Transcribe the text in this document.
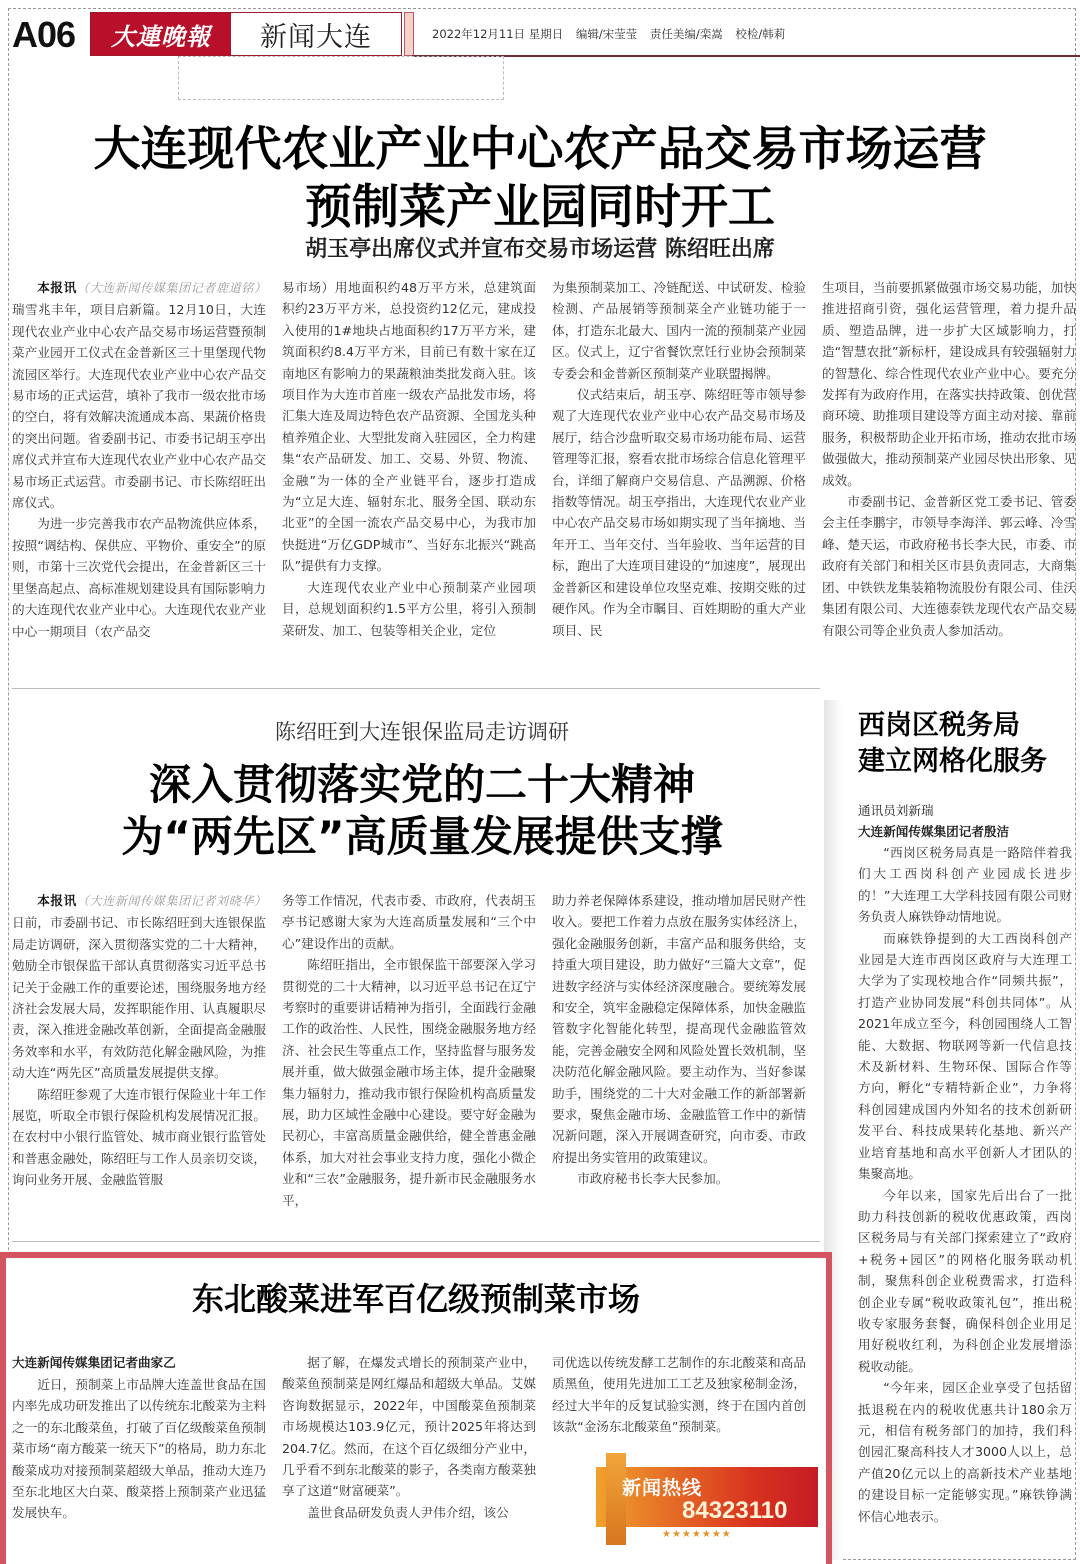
A06	大連晚報	新闻大连	2022年12月11日 星期日 编辑/宋莹莹 责任美编/栾嵩 校检/韩莉
大连现代农业产业中心农产品交易市场运营
预制菜产业园同时开工
胡玉亭出席仪式并宣布交易市场运营 陈绍旺出席

本报讯（大连新闻传媒集团记者鹿道铭）瑞雪兆丰年，项目启新篇。12月10日，大连现代农业产业中心农产品交易市场运营暨预制菜产业园开工仪式在金普新区三十里堡现代物流园区举行。大连现代农业产业中心农产品交易市场的正式运营，填补了我市一级农批市场的空白，将有效解决流通成本高、果蔬价格贵的突出问题。省委副书记、市委书记胡玉亭出席仪式并宣布大连现代农业产业中心农产品交易市场正式运营。市委副书记、市长陈绍旺出席仪式。

为进一步完善我市农产品物流供应体系，按照“调结构、保供应、平物价、重安全”的原则，市第十三次党代会提出，在金普新区三十里堡高起点、高标准规划建设具有国际影响力的大连现代农业产业中心。大连现代农业产业中心一期项目（农产品交

易市场）用地面积约48万平方米，总建筑面积约23万平方米，总投资约12亿元，建成投入使用的1#地块占地面积约17万平方米，建筑面积约8.4万平方米，目前已有数十家在辽南地区有影响力的果蔬粮油类批发商入驻。该项目作为大连市首座一级农产品批发市场，将汇集大连及周边特色农产品资源、全国龙头种植养殖企业、大型批发商入驻园区，全力构建集“农产品研发、加工、交易、外贸、物流、金融”为一体的全产业链平台，逐步打造成为“立足大连、辐射东北、服务全国、联动东北亚”的全国一流农产品交易中心，为我市加快挺进“万亿GDP城市”、当好东北振兴“跳高队”提供有力支撑。

大连现代农业产业中心预制菜产业园项目，总规划面积约1.5平方公里，将引入预制菜研发、加工、包装等相关企业，定位

为集预制菜加工、冷链配送、中试研发、检验检测、产品展销等预制菜全产业链功能于一体，打造东北最大、国内一流的预制菜产业园区。仪式上，辽宁省餐饮烹饪行业协会预制菜专委会和金普新区预制菜产业联盟揭牌。

仪式结束后，胡玉亭、陈绍旺等市领导参观了大连现代农业产业中心农产品交易市场及展厅，结合沙盘听取交易市场功能布局、运营管理等汇报，察看农批市场综合信息化管理平台，详细了解商户交易信息、产品溯源、价格指数等情况。胡玉亭指出，大连现代农业产业中心农产品交易市场如期实现了当年摘地、当年开工、当年交付、当年验收、当年运营的目标，跑出了大连项目建设的“加速度”，展现出金普新区和建设单位攻坚克难、按期交账的过硬作风。作为全市瞩目、百姓期盼的重大产业项目、民

生项目，当前要抓紧做强市场交易功能，加快推进招商引资，强化运营管理，着力提升品质、塑造品牌，进一步扩大区域影响力，打造“智慧农批”新标杆，建设成具有较强辐射力的智慧化、综合性现代农业产业中心。要充分发挥有为政府作用，在落实扶持政策、创优营商环境、助推项目建设等方面主动对接、靠前服务，积极帮助企业开拓市场，推动农批市场做强做大，推动预制菜产业园尽快出形象、见成效。

市委副书记、金普新区党工委书记、管委会主任李鹏宇，市领导李海洋、郭云峰、冷雪峰、楚天运，市政府秘书长李大民，市委、市政府有关部门和相关区市县负责同志，大商集团、中铁铁龙集装箱物流股份有限公司、佳沃集团有限公司、大连德泰铁龙现代农产品交易有限公司等企业负责人参加活动。

陈绍旺到大连银保监局走访调研
深入贯彻落实党的二十大精神
为“两先区”高质量发展提供支撑

本报讯（大连新闻传媒集团记者刘晓华）日前，市委副书记、市长陈绍旺到大连银保监局走访调研，深入贯彻落实党的二十大精神，勉励全市银保监干部认真贯彻落实习近平总书记关于金融工作的重要论述，围绕服务地方经济社会发展大局，发挥职能作用、认真履职尽责，深入推进金融改革创新，全面提高金融服务效率和水平，有效防范化解金融风险，为推动大连“两先区”高质量发展提供支撑。

陈绍旺参观了大连市银行保险业十年工作展览，听取全市银行保险机构发展情况汇报。在农村中小银行监管处、城市商业银行监管处和普惠金融处，陈绍旺与工作人员亲切交谈，询问业务开展、金融监管服

务等工作情况，代表市委、市政府，代表胡玉亭书记感谢大家为大连高质量发展和“三个中心”建设作出的贡献。

陈绍旺指出，全市银保监干部要深入学习贯彻党的二十大精神，以习近平总书记在辽宁考察时的重要讲话精神为指引，全面践行金融工作的政治性、人民性，围绕金融服务地方经济、社会民生等重点工作，坚持监督与服务发展并重，做大做强金融市场主体，提升金融聚集力辐射力，推动我市银行保险机构高质量发展，助力区域性金融中心建设。要守好金融为民初心，丰富高质量金融供给，健全普惠金融体系，加大对社会事业支持力度，强化小微企业和“三农”金融服务，提升新市民金融服务水平，

助力养老保障体系建设，推动增加居民财产性收入。要把工作着力点放在服务实体经济上，强化金融服务创新，丰富产品和服务供给，支持重大项目建设，助力做好“三篇大文章”，促进数字经济与实体经济深度融合。要统筹发展和安全，筑牢金融稳定保障体系，加快金融监管数字化智能化转型，提高现代金融监管效能，完善金融安全网和风险处置长效机制，坚决防范化解金融风险。要主动作为、当好参谋助手，围绕党的二十大对金融工作的新部署新要求，聚焦金融市场、金融监管工作中的新情况新问题，深入开展调查研究，向市委、市政府提出务实管用的政策建议。

市政府秘书长李大民参加。

西岗区税务局
建立网格化服务
通讯员刘新瑞
大连新闻传媒集团记者殷洁

“西岗区税务局真是一路陪伴着我们大工西岗科创产业园成长进步的！”大连理工大学科技园有限公司财务负责人麻铁铮动情地说。

而麻铁铮提到的大工西岗科创产业园是大连市西岗区政府与大连理工大学为了实现校地合作“同频共振”，打造产业协同发展“科创共同体”。从2021年成立至今，科创园围绕人工智能、大数据、物联网等新一代信息技术及新材料、生物环保、国际合作等方向，孵化“专精特新企业”，力争将科创园建成国内外知名的技术创新研发平台、科技成果转化基地、新兴产业培育基地和高水平创新人才团队的集聚高地。

今年以来，国家先后出台了一批助力科技创新的税收优惠政策，西岗区税务局与有关部门探索建立了“政府+税务+园区”的网格化服务联动机制，聚焦科创企业税费需求，打造科创企业专属“税收政策礼包”，推出税收专家服务套餐，确保科创企业用足用好税收红利，为科创企业发展增添税收动能。

“今年来，园区企业享受了包括留抵退税在内的税收优惠共计180余万元，相信有税务部门的加持，我们科创园汇聚高科技人才3000人以上，总产值20亿元以上的高新技术产业基地的建设目标一定能够实现。”麻铁铮满怀信心地表示。

东北酸菜进军百亿级预制菜市场
大连新闻传媒集团记者曲家乙

近日，预制菜上市品牌大连盖世食品在国内率先成功研发推出了以传统东北酸菜为主料之一的东北酸菜鱼，打破了百亿级酸菜鱼预制菜市场“南方酸菜一统天下”的格局，助力东北酸菜成功对接预制菜超级大单品，推动大连乃至东北地区大白菜、酸菜搭上预制菜产业迅猛发展快车。

据了解，在爆发式增长的预制菜产业中，酸菜鱼预制菜是网红爆品和超级大单品。艾媒咨询数据显示，2022年，中国酸菜鱼预制菜市场规模达103.9亿元，预计2025年将达到204.7亿。然而，在这个百亿级细分产业中，几乎看不到东北酸菜的影子，各类南方酸菜独享了这道“财富硬菜”。

盖世食品研发负责人尹伟介绍，该公

司优选以传统发酵工艺制作的东北酸菜和高品质黑鱼，使用先进加工工艺及独家秘制金汤，经过大半年的反复试验实测，终于在国内首创该款“金汤东北酸菜鱼”预制菜。

新闻热线
84323110
★★★★★★★
